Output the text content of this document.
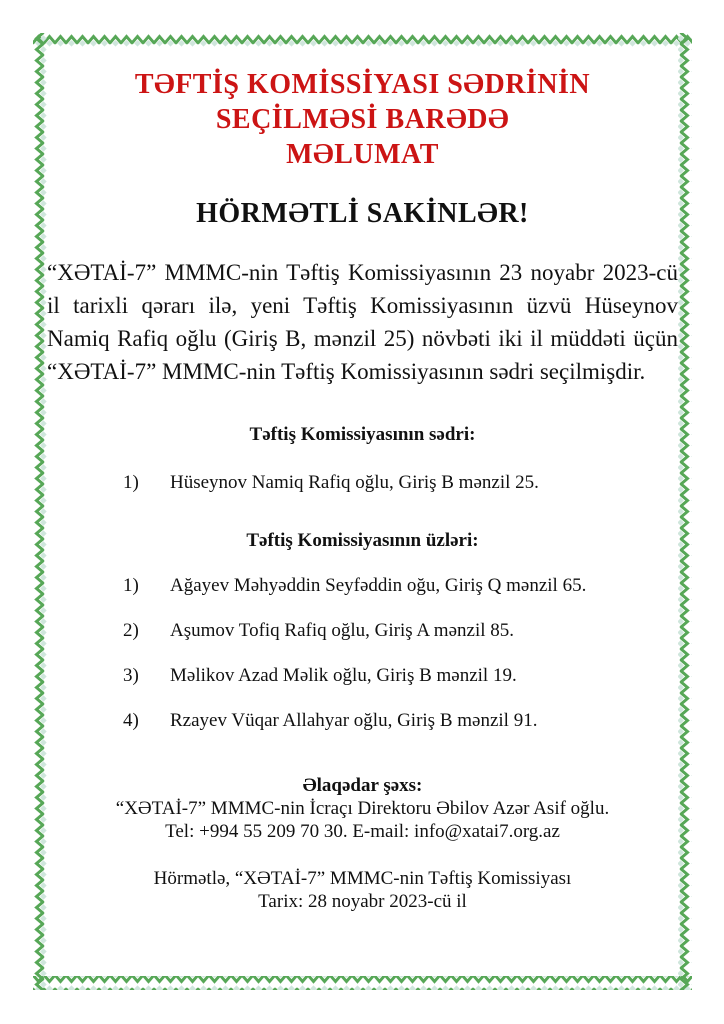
TƏFTİŞ KOMİSSİYASI SƏDRİNİN
SEÇİLMƏSİ BARƏDƏ
MƏLUMAT
HÖRMƏTLİ SAKİNLƏR!
“XƏTAİ-7” MMMC-nin Təftiş Komissiyasının 23 noyabr 2023-cü il tarixli qərarı ilə, yeni Təftiş Komissiyasının üzvü Hüseynov Namiq Rafiq oğlu (Giriş B, mənzil 25) növbəti iki il müddəti üçün “XƏTAİ-7” MMMC-nin Təftiş Komissiyasının sədri seçilmişdir.
Təftiş Komissiyasının sədri:
1)	Hüseynov Namiq Rafiq oğlu, Giriş B mənzil 25.
Təftiş Komissiyasının üzləri:
1)	Ağayev Məhyəddin Seyfəddin oğu, Giriş Q mənzil 65.
2)	Aşumov Tofiq Rafiq oğlu, Giriş A mənzil 85.
3)	Məlikov Azad Məlik oğlu, Giriş B mənzil 19.
4)	Rzayev Vüqar Allahyar oğlu, Giriş B mənzil 91.
Əlaqədar şəxs:
“XƏTAİ-7” MMMC-nin İcraçı Direktoru Əbilov Azər Asif oğlu.
Tel: +994 55 209 70 30. E-mail: info@xatai7.org.az
Hörmətlə, “XƏTAİ-7” MMMC-nin Təftiş Komissiyası
Tarix: 28 noyabr 2023-cü il
